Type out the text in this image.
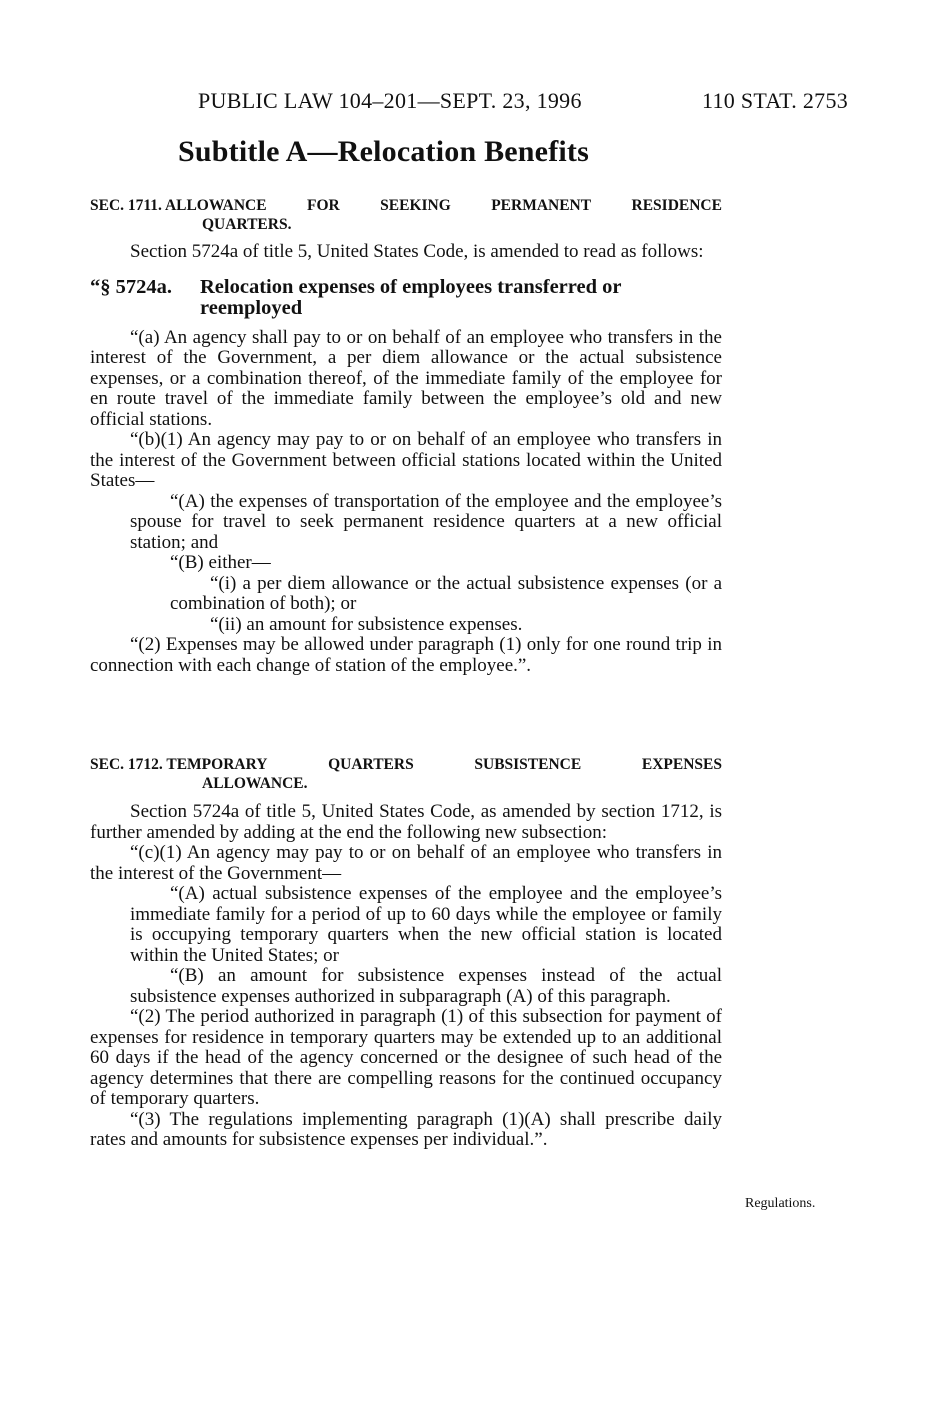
PUBLIC LAW 104–201—SEPT. 23, 1996	110 STAT. 2753
Subtitle A—Relocation Benefits
SEC. 1711. ALLOWANCE	FOR	SEEKING	PERMANENT	RESIDENCE
QUARTERS.

Section 5724a of title 5, United States Code, is amended to read as follows:

“§ 5724a. Relocation expenses of employees transferred or reemployed

“(a) An agency shall pay to or on behalf of an employee who transfers in the interest of the Government, a per diem allowance or the actual subsistence expenses, or a combination thereof, of the immediate family of the employee for en route travel of the immediate family between the employee’s old and new official stations.

“(b)(1) An agency may pay to or on behalf of an employee who transfers in the interest of the Government between official stations located within the United States—

“(A) the expenses of transportation of the employee and the employee’s spouse for travel to seek permanent residence quarters at a new official station; and

“(B) either—

“(i) a per diem allowance or the actual subsistence expenses (or a combination of both); or

“(ii) an amount for subsistence expenses.

“(2) Expenses may be allowed under paragraph (1) only for one round trip in connection with each change of station of the employee.”.

SEC. 1712. TEMPORARY	QUARTERS	SUBSISTENCE	EXPENSES
ALLOWANCE.

Section 5724a of title 5, United States Code, as amended by section 1712, is further amended by adding at the end the following new subsection:

“(c)(1) An agency may pay to or on behalf of an employee who transfers in the interest of the Government—

“(A) actual subsistence expenses of the employee and the employee’s immediate family for a period of up to 60 days while the employee or family is occupying temporary quarters when the new official station is located within the United States; or

“(B) an amount for subsistence expenses instead of the actual subsistence expenses authorized in subparagraph (A) of this paragraph.

“(2) The period authorized in paragraph (1) of this subsection for payment of expenses for residence in temporary quarters may be extended up to an additional 60 days if the head of the agency concerned or the designee of such head of the agency determines that there are compelling reasons for the continued occupancy of temporary quarters.

“(3) The regulations implementing paragraph (1)(A) shall prescribe daily rates and amounts for subsistence expenses per individual.”.

Regulations.
